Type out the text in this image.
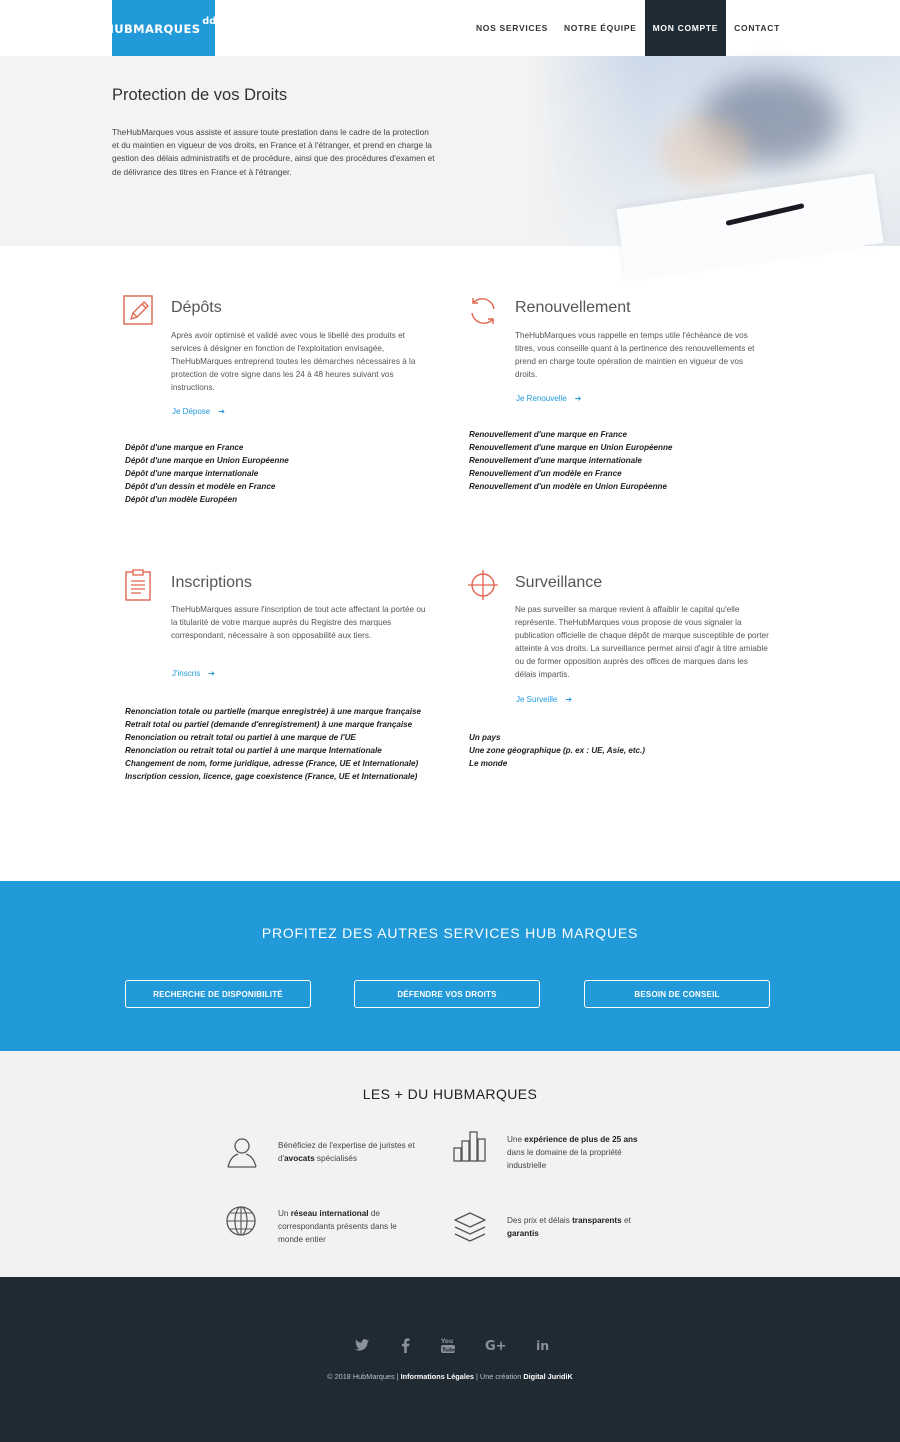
HUBMARQUES
ddg
NOS SERVICES	NOTRE ÉQUIPE	MON COMPTE	CONTACT
Protection de vos Droits
TheHubMarques vous assiste et assure toute prestation dans le cadre de la protection et du maintien en vigueur de vos droits, en France et à l'étranger, et prend en charge la gestion des délais administratifs et de procédure, ainsi que des procédures d'examen et de délivrance des titres en France et à l'étranger.
Dépôts
Après avoir optimisé et validé avec vous le libellé des produits et services à désigner en fonction de l'exploitation envisagée, TheHubMarques entreprend toutes les démarches nécessaires à la protection de votre signe dans les 24 à 48 heures suivant vos instructions.
Je Dépose ➔
Dépôt d'une marque en France
Dépôt d'une marque en Union Européenne
Dépôt d'une marque internationale
Dépôt d'un dessin et modèle en France
Dépôt d'un modèle Européen
Renouvellement
TheHubMarques vous rappelle en temps utile l'échéance de vos titres, vous conseille quant à la pertinence des renouvellements et prend en charge toute opération de maintien en vigueur de vos droits.
Je Renouvelle ➔
Renouvellement d'une marque en France
Renouvellement d'une marque en Union Européenne
Renouvellement d'une marque internationale
Renouvellement d'un modèle en France
Renouvellement d'un modèle en Union Européenne
Inscriptions
TheHubMarques assure l'inscription de tout acte affectant la portée ou la titularité de votre marque auprès du Registre des marques correspondant, nécessaire à son opposabilité aux tiers.
J'inscris ➔
Renonciation totale ou partielle (marque enregistrée) à une marque française
Retrait total ou partiel (demande d'enregistrement) à une marque française
Renonciation ou retrait total ou partiel à une marque de l'UE
Renonciation ou retrait total ou partiel à une marque Internationale
Changement de nom, forme juridique, adresse (France, UE et Internationale)
Inscription cession, licence, gage coexistence (France, UE et Internationale)
Surveillance
Ne pas surveiller sa marque revient à affaiblir le capital qu'elle représente. TheHubMarques vous propose de vous signaler la publication officielle de chaque dépôt de marque susceptible de porter atteinte à vos droits. La surveillance permet ainsi d'agir à titre amiable ou de former opposition auprès des offices de marques dans les délais impartis.
Je Surveille ➔
Un pays
Une zone géographique (p. ex : UE, Asie, etc.)
Le monde
PROFITEZ DES AUTRES SERVICES HUB MARQUES
RECHERCHE DE DISPONIBILITÉ	DÉFENDRE VOS DROITS	BESOIN DE CONSEIL
LES + DU HUBMARQUES
Bénéficiez de l'expertise de juristes et d'avocats spécialisés
Une expérience de plus de 25 ans dans le domaine de la propriété industrielle
Un réseau international de correspondants présents dans le monde entier
Des prix et délais transparents et garantis
You
Tube G+ in
© 2018 HubMarques | Informations Légales | Une création Digital JuridiK
